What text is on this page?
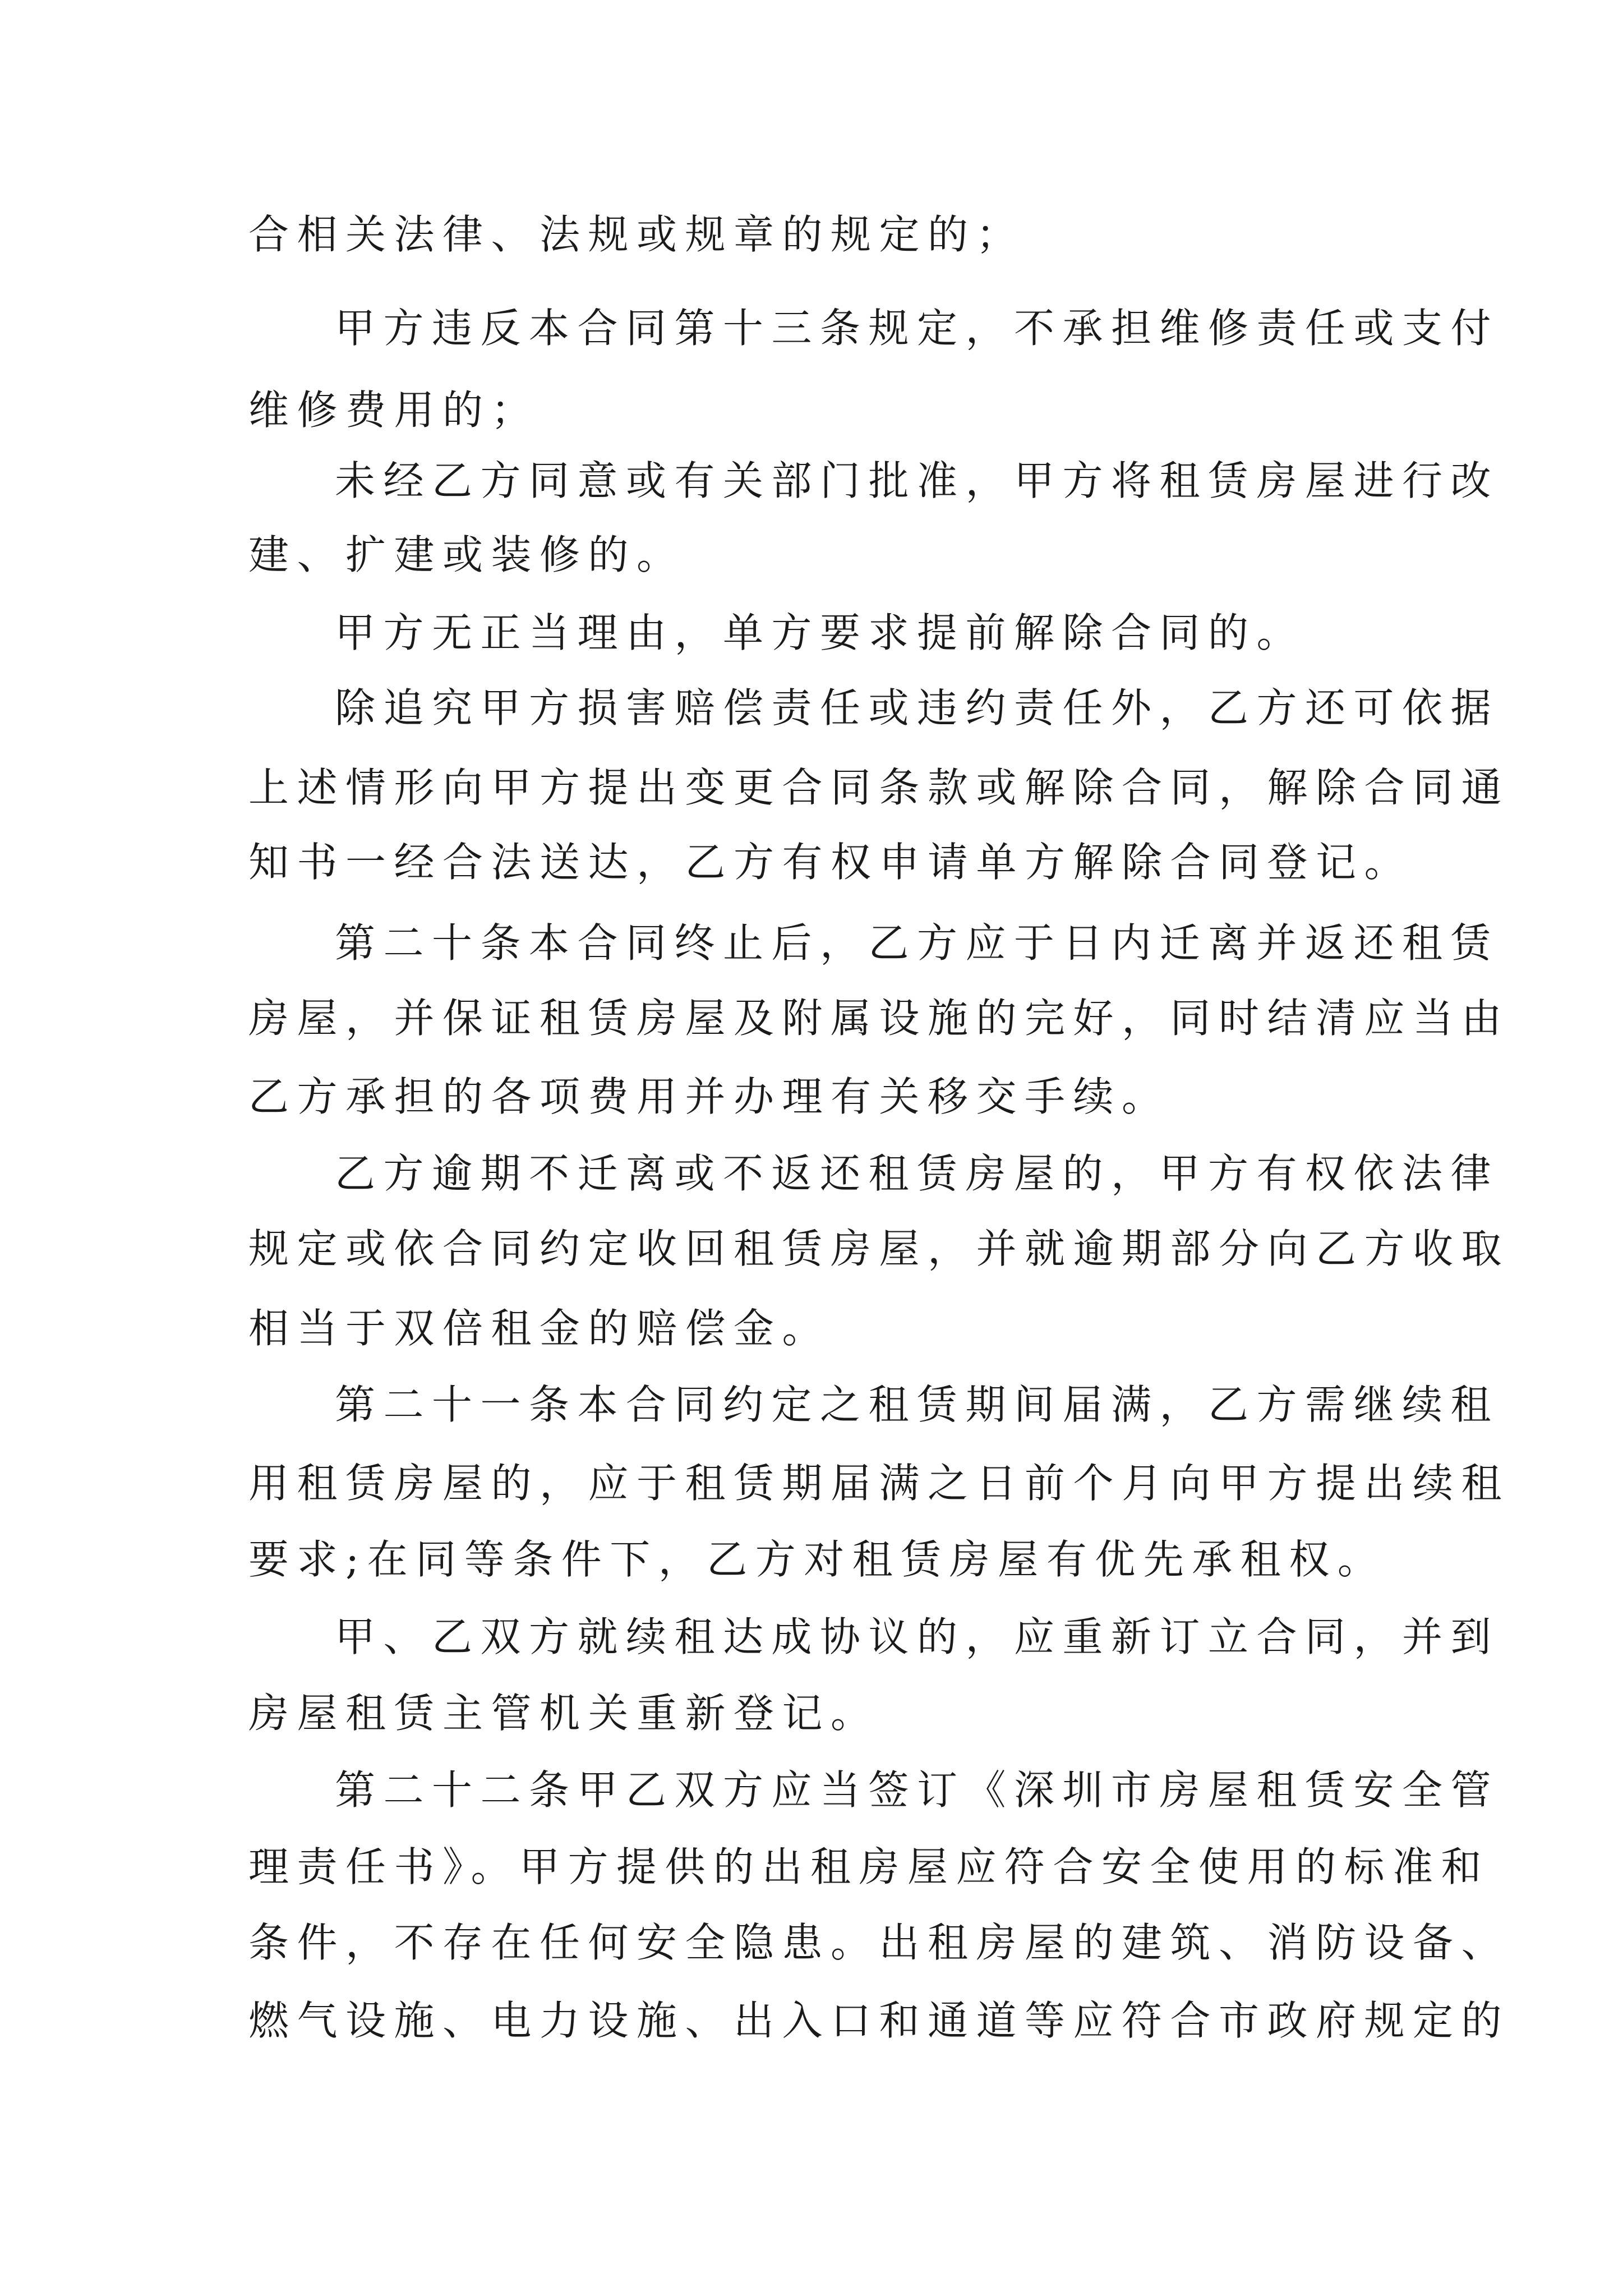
合相关法律、法规或规章的规定的；
甲方违反本合同第十三条规定，不承担维修责任或支付
维修费用的；
未经乙方同意或有关部门批准，甲方将租赁房屋进行改
建、扩建或装修的。
甲方无正当理由，单方要求提前解除合同的。
除追究甲方损害赔偿责任或违约责任外，乙方还可依据
上述情形向甲方提出变更合同条款或解除合同，解除合同通
知书一经合法送达，乙方有权申请单方解除合同登记。
第二十条本合同终止后，乙方应于日内迁离并返还租赁
房屋，并保证租赁房屋及附属设施的完好，同时结清应当由
乙方承担的各项费用并办理有关移交手续。
乙方逾期不迁离或不返还租赁房屋的，甲方有权依法律
规定或依合同约定收回租赁房屋，并就逾期部分向乙方收取
相当于双倍租金的赔偿金。
第二十一条本合同约定之租赁期间届满，乙方需继续租
用租赁房屋的，应于租赁期届满之日前个月向甲方提出续租
要求;在同等条件下，乙方对租赁房屋有优先承租权。
甲、乙双方就续租达成协议的，应重新订立合同，并到
房屋租赁主管机关重新登记。
第二十二条甲乙双方应当签订《深圳市房屋租赁安全管
理责任书》。甲方提供的出租房屋应符合安全使用的标准和
条件，不存在任何安全隐患。出租房屋的建筑、消防设备、
燃气设施、电力设施、出入口和通道等应符合市政府规定的
